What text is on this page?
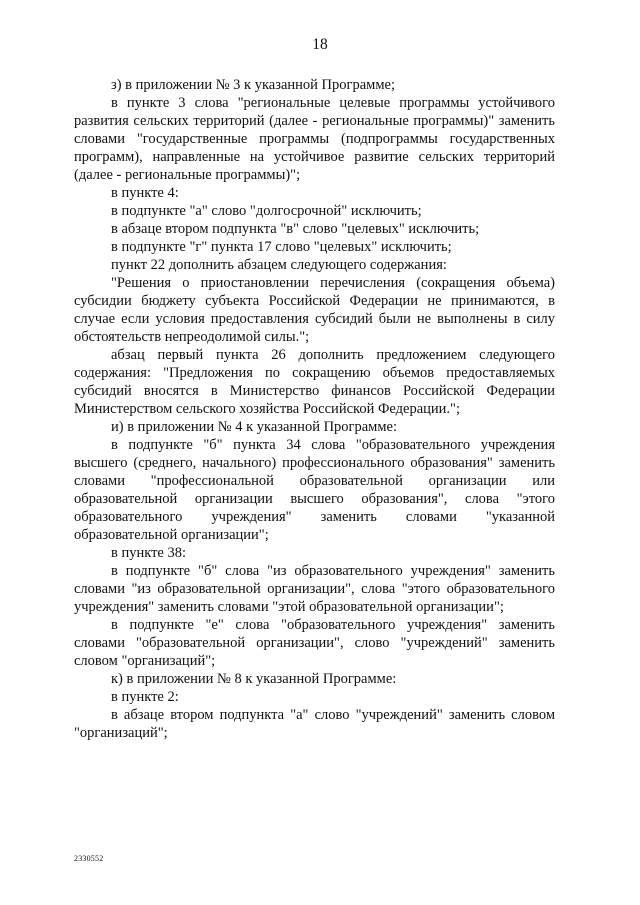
18

з) в приложении № 3 к указанной Программе;

в пункте 3 слова "региональные целевые программы устойчивого развития сельских территорий (далее - региональные программы)" заменить словами "государственные программы (подпрограммы государственных программ), направленные на устойчивое развитие сельских территорий (далее - региональные программы)";

в пункте 4:

в подпункте "а" слово "долгосрочной" исключить;

в абзаце втором подпункта "в" слово "целевых" исключить;

в подпункте "г" пункта 17 слово "целевых" исключить;

пункт 22 дополнить абзацем следующего содержания:

"Решения о приостановлении перечисления (сокращения объема) субсидии бюджету субъекта Российской Федерации не принимаются, в случае если условия предоставления субсидий были не выполнены в силу обстоятельств непреодолимой силы.";

абзац первый пункта 26 дополнить предложением следующего содержания: "Предложения по сокращению объемов предоставляемых субсидий вносятся в Министерство финансов Российской Федерации Министерством сельского хозяйства Российской Федерации.";

и) в приложении № 4 к указанной Программе:

в подпункте "б" пункта 34 слова "образовательного учреждения высшего (среднего, начального) профессионального образования" заменить словами "профессиональной образовательной организации или образовательной организации высшего образования", слова "этого образовательного учреждения" заменить словами "указанной образовательной организации";

в пункте 38:

в подпункте "б" слова "из образовательного учреждения" заменить словами "из образовательной организации", слова "этого образовательного учреждения" заменить словами "этой образовательной организации";

в подпункте "е" слова "образовательного учреждения" заменить словами "образовательной организации", слово "учреждений" заменить словом "организаций";

к) в приложении № 8 к указанной Программе:

в пункте 2:

в абзаце втором подпункта "а" слово "учреждений" заменить словом "организаций";

2330552
